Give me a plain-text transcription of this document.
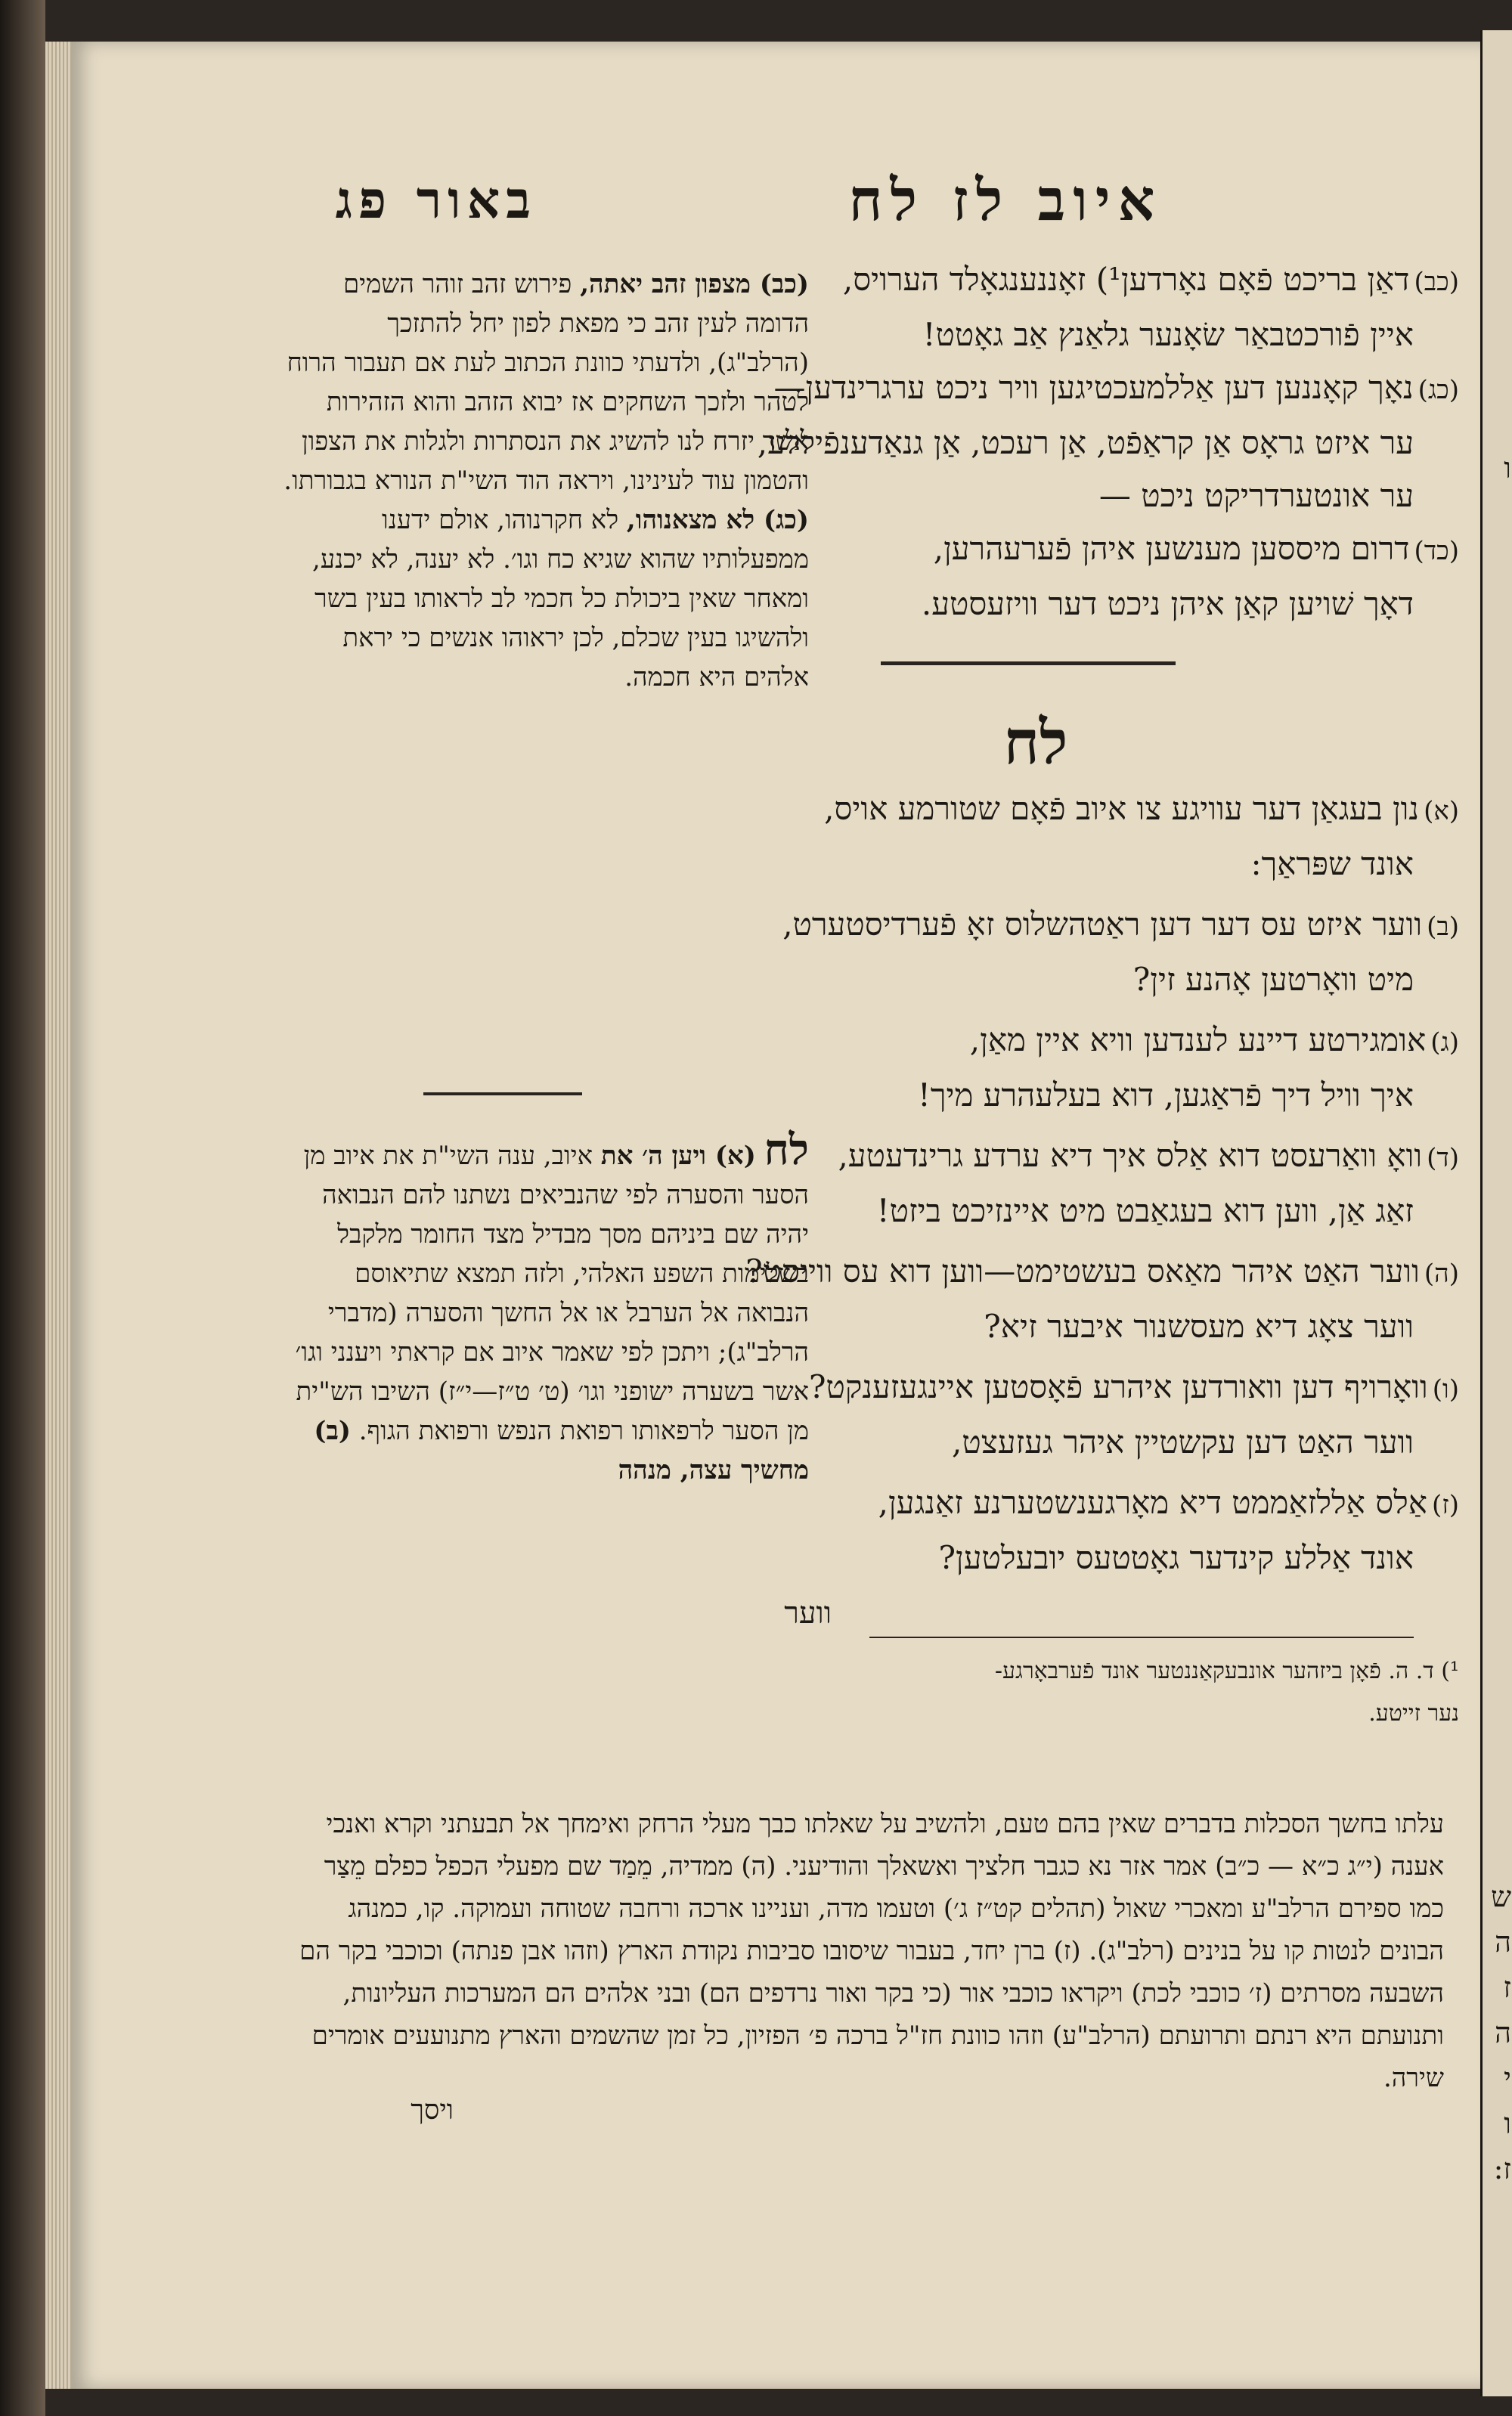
ו
ש
ה
ז
ה
י
ו
ז:
איוב לז לח
באור פג
(כב)דאַן בריכט פֿאָם נאָרדען¹) זאָננענגאָלד הערויס,
איין פֿורכטבאַר שׂאָנער גלאַנץ אַב גאָטט!
(כג)נאָך קאָננען דען אַללמעכטיגען וויר ניכט ערגרינדען—
ער איזט גראָס אַן קראַפֿט, אַן רעכט, אַן גנאַדענפֿיללע,
ער אונטערדריקט ניכט —
(כד)דרום מיססען מענשען איהן פֿערעהרען,
דאָך שׁויען קאַן איהן ניכט דער וויזעסטע.
לח
(א)נון בעגאַן דער עוויגע צו איוב פֿאָם שטורמע אויס,
אונד שפּראַך:
(ב)ווער איזט עס דער דען ראַטהשלוס זאָ פֿערדיסטערט,
מיט וואָרטען אָהנע זין?
(ג)אומגירטע דיינע לענדען וויא איין מאַן,
איך וויל דיך פֿראַגען, דוא בעלעהרע מיך!
(ד)וואָ וואַרעסט דוא אַלס איך דיא ערדע גרינדעטע,
זאַג אַן, ווען דוא בעגאַבט מיט איינזיכט ביזט!
(ה)ווער האַט איהר מאַאס בעשטימט—ווען דוא עס ווייסט?
ווער צאָג דיא מעסשנור איבער זיא?
(ו)וואָרויף דען וואורדען איהרע פֿאָסטען איינגעזענקט?
ווער האַט דען עקשטיין איהר געזעצט,
(ז)אַלס אַללזאַממט דיא מאָרגענשטערנע זאַנגען,
אונד אַללע קינדער גאָטטעס יובעלטען?
ווער
¹) ד. ה. פֿאָן ביזהער אונבעקאַננטער אונד פֿערבאָרגע-
נער זייטע.

(כב) מצפון זהב יאתה, פירוש זהב זוהר השמים הדומה לעין זהב כי מפאת לפון יחל להתזכך (הרלב"ג), ולדעתי כוונת הכתוב לעת אם תעבור הרוח לטהר ולזכך השחקים אז יבוא הזהב והוא הזהירות אשר יזרח לנו להשיג את הנסתרות ולגלות את הצפון והטמון עוד לעינינו, ויראה הוד השי"ת הנורא בגבורתו.

(כג) לא מצאנוהו, לא חקרנוהו, אולם ידענו ממפעלותיו שהוא שגיא כח וגו׳. לא יענה, לא יכנע, ומאחר שאין ביכולת כל חכמי לב לראותו בעין בשר ולהשיגו בעין שכלם, לכן יראוהו אנשים כי יראת אלהים היא חכמה.

לח (א) ויען ה׳ את איוב, ענה השי"ת את איוב מן הסער והסערה לפי שהנביאים נשתנו להם הנבואה יהיה שם ביניהם מסך מבדיל מצד החומר מלקבל בשלימות השפע האלהי, ולזה תמצא שתיאוסם הנבואה אל הערבל או אל החשך והסערה (מדברי הרלב"ג); ויתכן לפי שאמר איוב אם קראתי ויענני וגו׳ אשר בשערה ישופני וגו׳ (ט׳ ט״ז—י״ז) השיבו הש"ית מן הסער לרפאותו רפואת הנפש ורפואת הגוף. (ב) מחשיך עצה, מנהה

עלתו בחשך הסכלות בדברים שאין בהם טעם, ולהשיב על שאלתו כבך מעלי הרחק ואימחך אל תבעתני וקרא ואנכי אענה (י״ג כ״א — כ״ב) אמר אזר נא כגבר חלציך ואשאלך והודיעני. (ה) ממדיה, מֵמַד שם מפעלי הכפל כפלם מֵצַר כמו ספירם הרלב"ע ומאכרי שאול (תהלים קט״ז ג׳) וטעמו מדה, ועניינו ארכה ורחבה שטוחה ועמוקה. קו, כמנהג הבונים לנטות קו על בנינים (רלב"ג). (ז) ברן יחד, בעבור שיסובו סביבות נקודת הארץ (וזהו אבן פנתה) וכוכבי בקר הם השבעה מסרתים (ז׳ כוכבי לכת) ויקראו כוכבי אור (כי בקר ואור נרדפים הם) ובני אלהים הם המערכות העליונות, ותנועתם היא רנתם ותרועתם (הרלב"ע) וזהו כוונת חז"ל ברכה פ׳ הפזיון, כל זמן שהשמים והארץ מתנועעים אומרים שירה.
ויסך
